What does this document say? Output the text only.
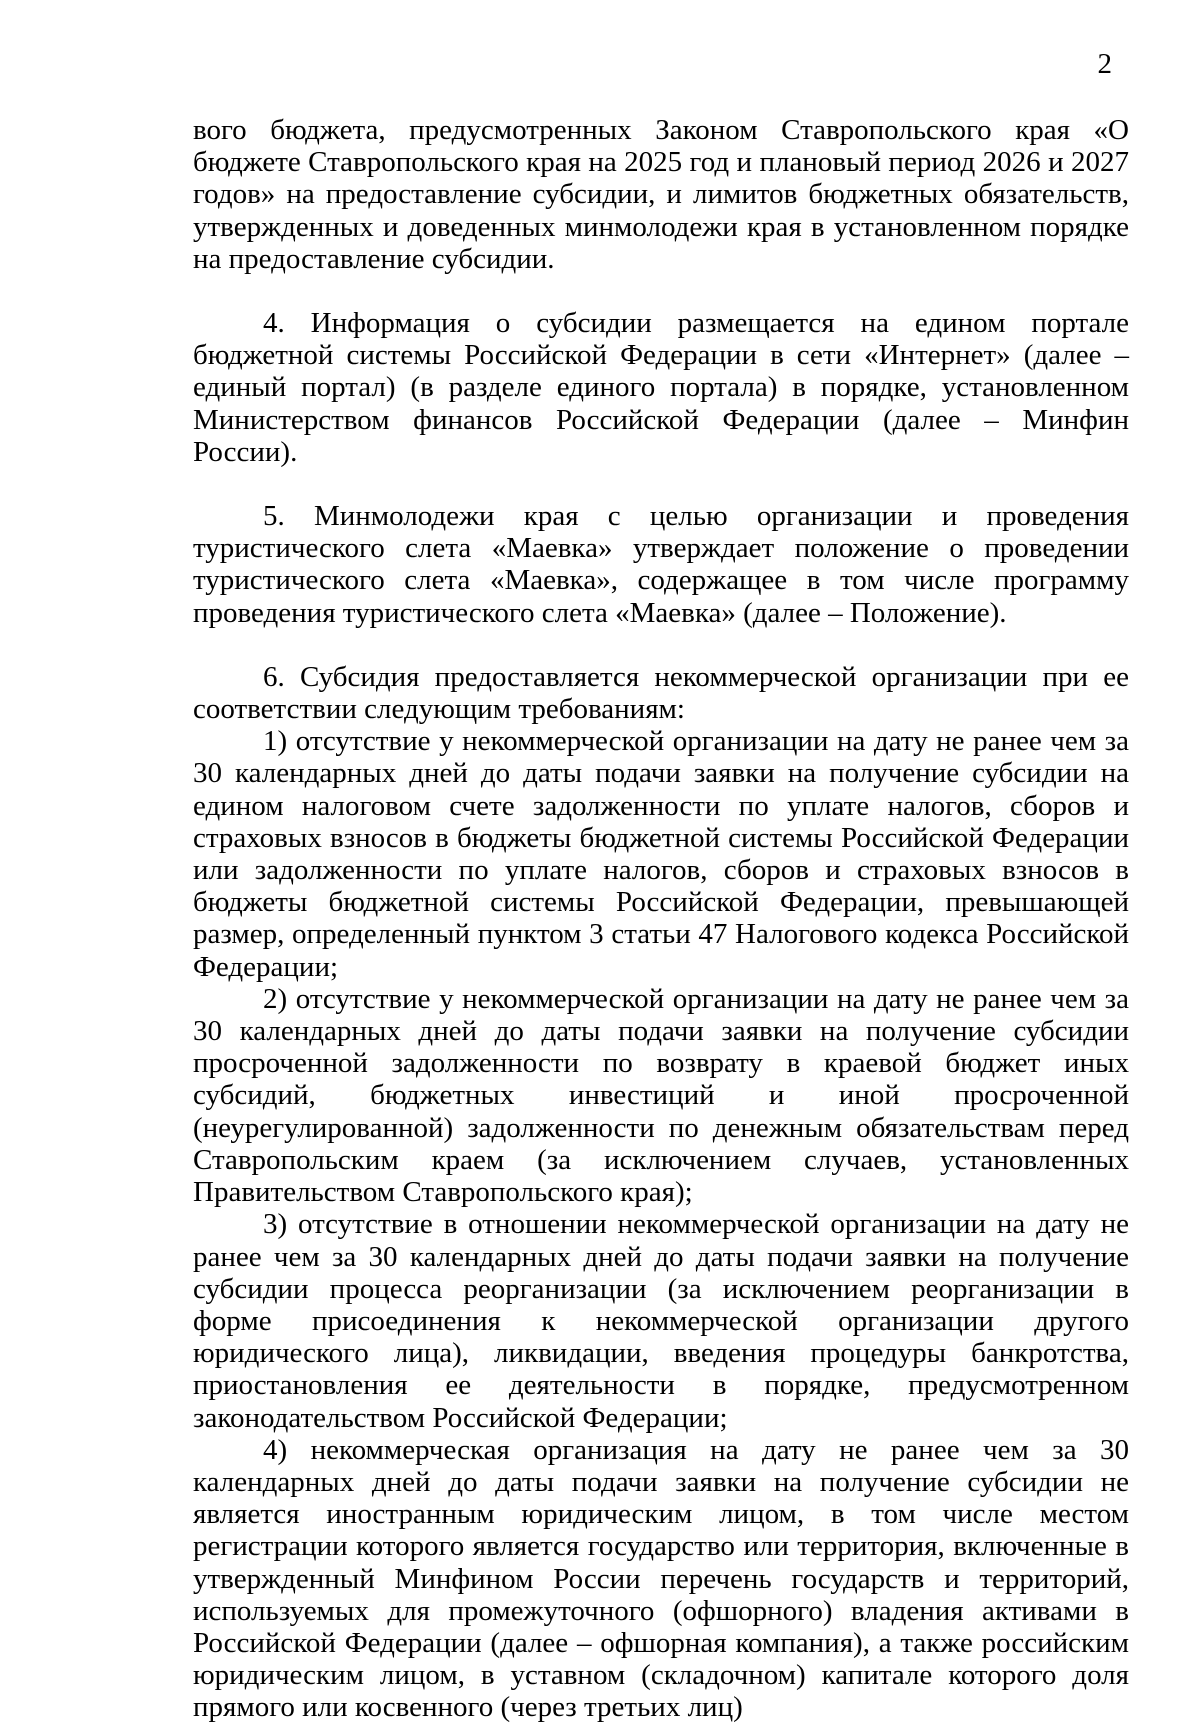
2

вого бюджета, предусмотренных Законом Ставропольского края «О бюджете Ставропольского края на 2025 год и плановый период 2026 и 2027 годов» на предоставление субсидии, и лимитов бюджетных обязательств, утвержденных и доведенных минмолодежи края в установленном порядке на предоставление субсидии.

4. Информация о субсидии размещается на едином портале бюджетной системы Российской Федерации в сети «Интернет» (далее – единый портал) (в разделе единого портала) в порядке, установленном Министерством финансов Российской Федерации (далее – Минфин России).

5. Минмолодежи края с целью организации и проведения туристического слета «Маевка» утверждает положение о проведении туристического слета «Маевка», содержащее в том числе программу проведения туристического слета «Маевка» (далее – Положение).

6. Субсидия предоставляется некоммерческой организации при ее соответствии следующим требованиям:

1) отсутствие у некоммерческой организации на дату не ранее чем за 30 календарных дней до даты подачи заявки на получение субсидии на едином налоговом счете задолженности по уплате налогов, сборов и страховых взносов в бюджеты бюджетной системы Российской Федерации или задолженности по уплате налогов, сборов и страховых взносов в бюджеты бюджетной системы Российской Федерации, превышающей размер, определенный пунктом 3 статьи 47 Налогового кодекса Российской Федерации;

2) отсутствие у некоммерческой организации на дату не ранее чем за 30 календарных дней до даты подачи заявки на получение субсидии просроченной задолженности по возврату в краевой бюджет иных субсидий, бюджетных инвестиций и иной просроченной (неурегулированной) задолженности по денежным обязательствам перед Ставропольским краем (за исключением случаев, установленных Правительством Ставропольского края);

3) отсутствие в отношении некоммерческой организации на дату не ранее чем за 30 календарных дней до даты подачи заявки на получение субсидии процесса реорганизации (за исключением реорганизации в форме присоединения к некоммерческой организации другого юридического лица), ликвидации, введения процедуры банкротства, приостановления ее деятельности в порядке, предусмотренном законодательством Российской Федерации;

4) некоммерческая организация на дату не ранее чем за 30 календарных дней до даты подачи заявки на получение субсидии не является иностранным юридическим лицом, в том числе местом регистрации которого является государство или территория, включенные в утвержденный Минфином России перечень государств и территорий, используемых для промежуточного (офшорного) владения активами в Российской Федерации (далее – офшорная компания), а также российским юридическим лицом, в уставном (складочном) капитале которого доля прямого или косвенного (через третьих лиц)
